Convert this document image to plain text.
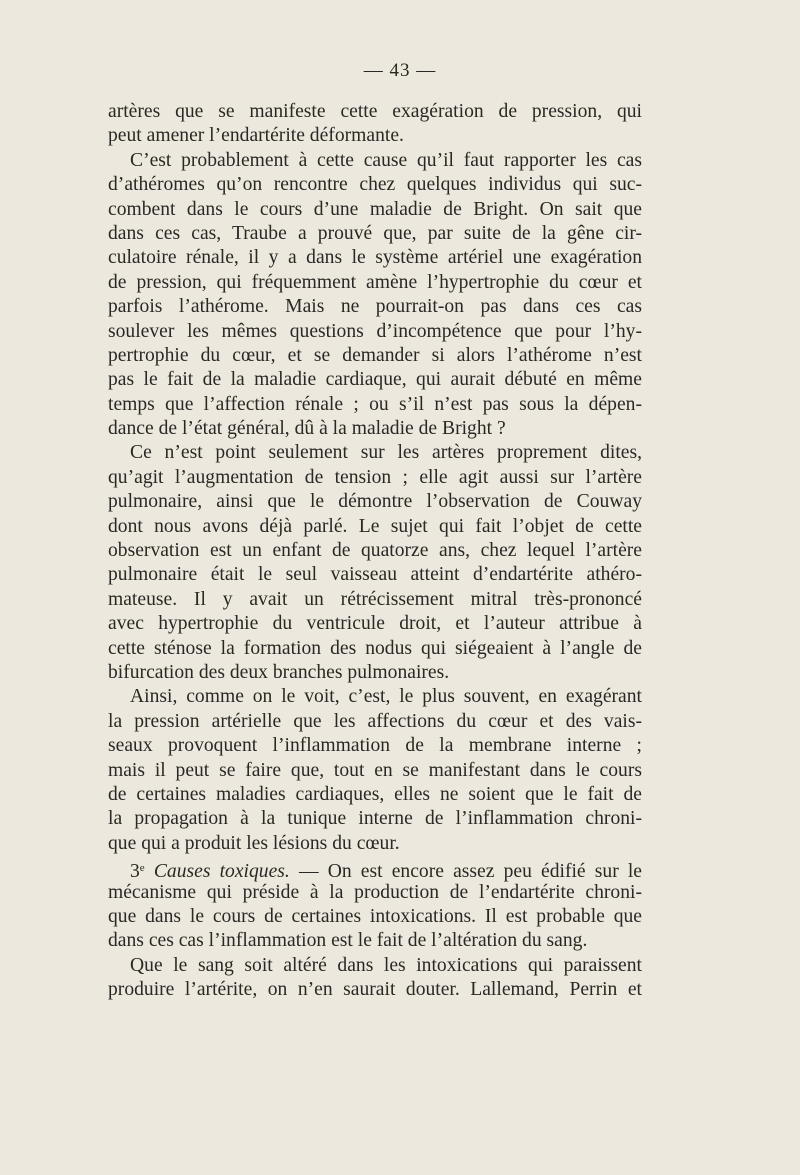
— 43 —
artères que se manifeste cette exagération de pression, qui
peut amener l’endartérite déformante.
C’est probablement à cette cause qu’il faut rapporter les cas
d’athéromes qu’on rencontre chez quelques individus qui suc-
combent dans le cours d’une maladie de Bright. On sait que
dans ces cas, Traube a prouvé que, par suite de la gêne cir-
culatoire rénale, il y a dans le système artériel une exagération
de pression, qui fréquemment amène l’hypertrophie du cœur et
parfois l’athérome. Mais ne pourrait-on pas dans ces cas
soulever les mêmes questions d’incompétence que pour l’hy-
pertrophie du cœur, et se demander si alors l’athérome n’est
pas le fait de la maladie cardiaque, qui aurait débuté en même
temps que l’affection rénale ; ou s’il n’est pas sous la dépen-
dance de l’état général, dû à la maladie de Bright ?
Ce n’est point seulement sur les artères proprement dites,
qu’agit l’augmentation de tension ; elle agit aussi sur l’artère
pulmonaire, ainsi que le démontre l’observation de Couway
dont nous avons déjà parlé. Le sujet qui fait l’objet de cette
observation est un enfant de quatorze ans, chez lequel l’artère
pulmonaire était le seul vaisseau atteint d’endartérite athéro-
mateuse. Il y avait un rétrécissement mitral très-prononcé
avec hypertrophie du ventricule droit, et l’auteur attribue à
cette sténose la formation des nodus qui siégeaient à l’angle de
bifurcation des deux branches pulmonaires.
Ainsi, comme on le voit, c’est, le plus souvent, en exagérant
la pression artérielle que les affections du cœur et des vais-
seaux provoquent l’inflammation de la membrane interne ;
mais il peut se faire que, tout en se manifestant dans le cours
de certaines maladies cardiaques, elles ne soient que le fait de
la propagation à la tunique interne de l’inflammation chroni-
que qui a produit les lésions du cœur.
3e Causes toxiques. — On est encore assez peu édifié sur le
mécanisme qui préside à la production de l’endartérite chroni-
que dans le cours de certaines intoxications. Il est probable que
dans ces cas l’inflammation est le fait de l’altération du sang.
Que le sang soit altéré dans les intoxications qui paraissent
produire l’artérite, on n’en saurait douter. Lallemand, Perrin et
